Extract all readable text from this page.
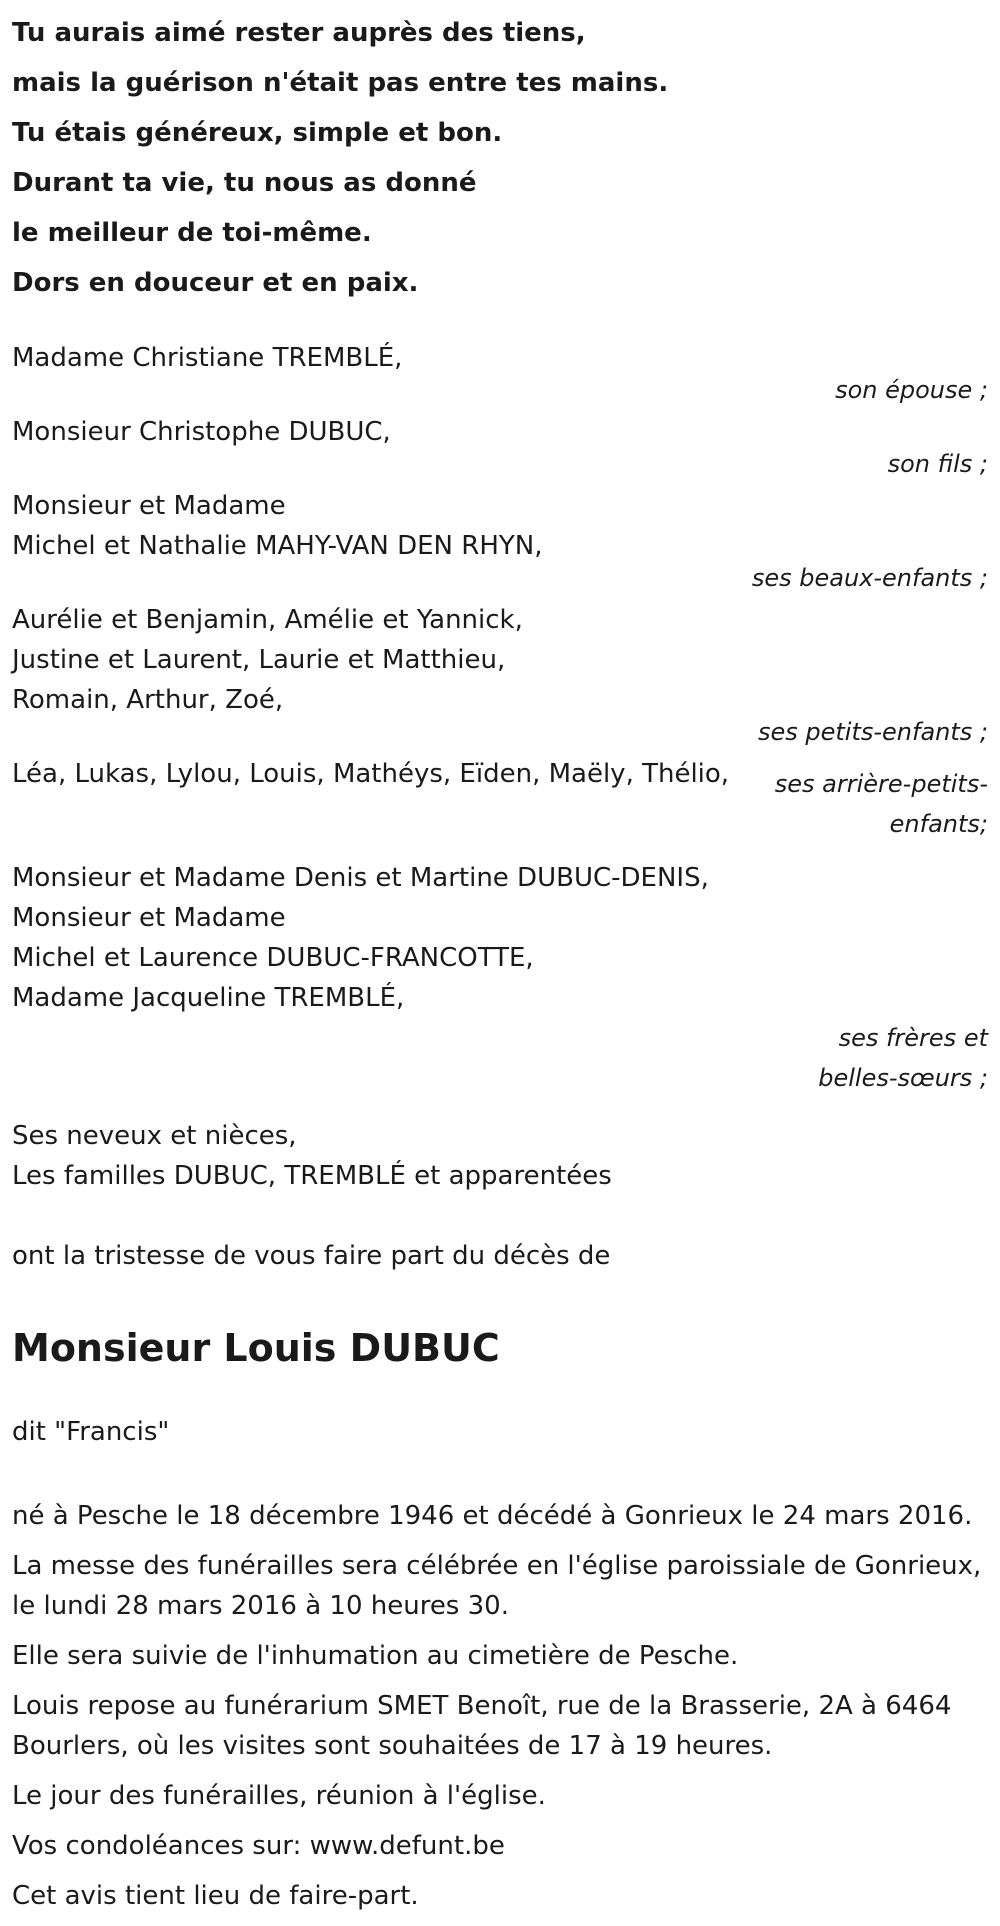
Tu aurais aimé rester auprès des tiens,
mais la guérison n'était pas entre tes mains.
Tu étais généreux, simple et bon.
Durant ta vie, tu nous as donné
le meilleur de toi-même.
Dors en douceur et en paix.
Madame Christiane TREMBLÉ,
son épouse ;
Monsieur Christophe DUBUC,
son fils ;
Monsieur et Madame
Michel et Nathalie MAHY-VAN DEN RHYN,
ses beaux-enfants ;
Aurélie et Benjamin, Amélie et Yannick,
Justine et Laurent, Laurie et Matthieu,
Romain, Arthur, Zoé,
ses petits-enfants ;
Léa, Lukas, Lylou, Louis, Mathéys, Eïden, Maëly, Thélio,	ses arrière-petits-
enfants;
Monsieur et Madame Denis et Martine DUBUC-DENIS,
Monsieur et Madame
Michel et Laurence DUBUC-FRANCOTTE,
Madame Jacqueline TREMBLÉ,
ses frères et
belles-sœurs ;
Ses neveux et nièces,
Les familles DUBUC, TREMBLÉ et apparentées
ont la tristesse de vous faire part du décès de
Monsieur Louis DUBUC
dit "Francis"

né à Pesche le 18 décembre 1946 et décédé à Gonrieux le 24 mars 2016.

La messe des funérailles sera célébrée en l'église paroissiale de Gonrieux, le lundi 28 mars 2016 à 10 heures 30.

Elle sera suivie de l'inhumation au cimetière de Pesche.

Louis repose au funérarium SMET Benoît, rue de la Brasserie, 2A à 6464 Bourlers, où les visites sont souhaitées de 17 à 19 heures.

Le jour des funérailles, réunion à l'église.

Vos condoléances sur: www.defunt.be

Cet avis tient lieu de faire-part.
